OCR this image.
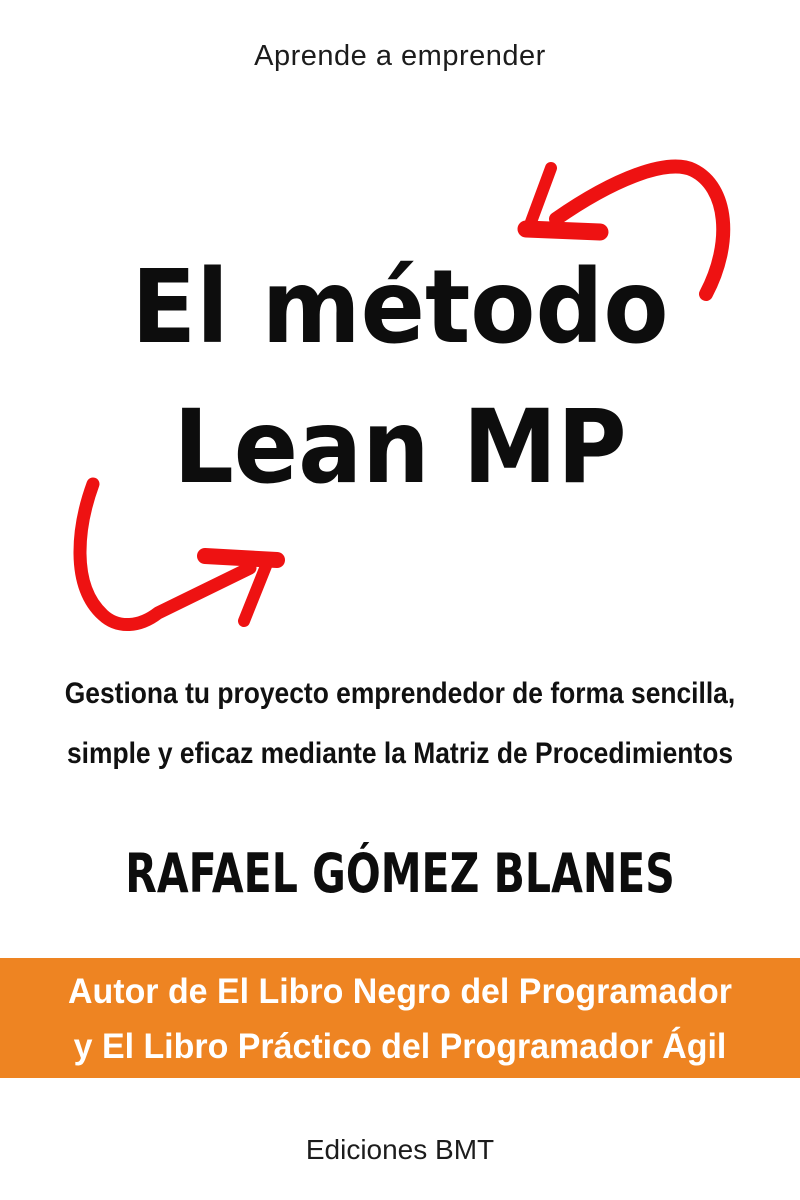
Aprende a emprender
El método
Lean MP

Gestiona tu proyecto emprendedor de forma sencilla,
simple y eficaz mediante la Matriz de Procedimientos

RAFAEL GÓMEZ BLANES
Autor de El Libro Negro del Programador
y El Libro Práctico del Programador Ágil
Ediciones BMT
